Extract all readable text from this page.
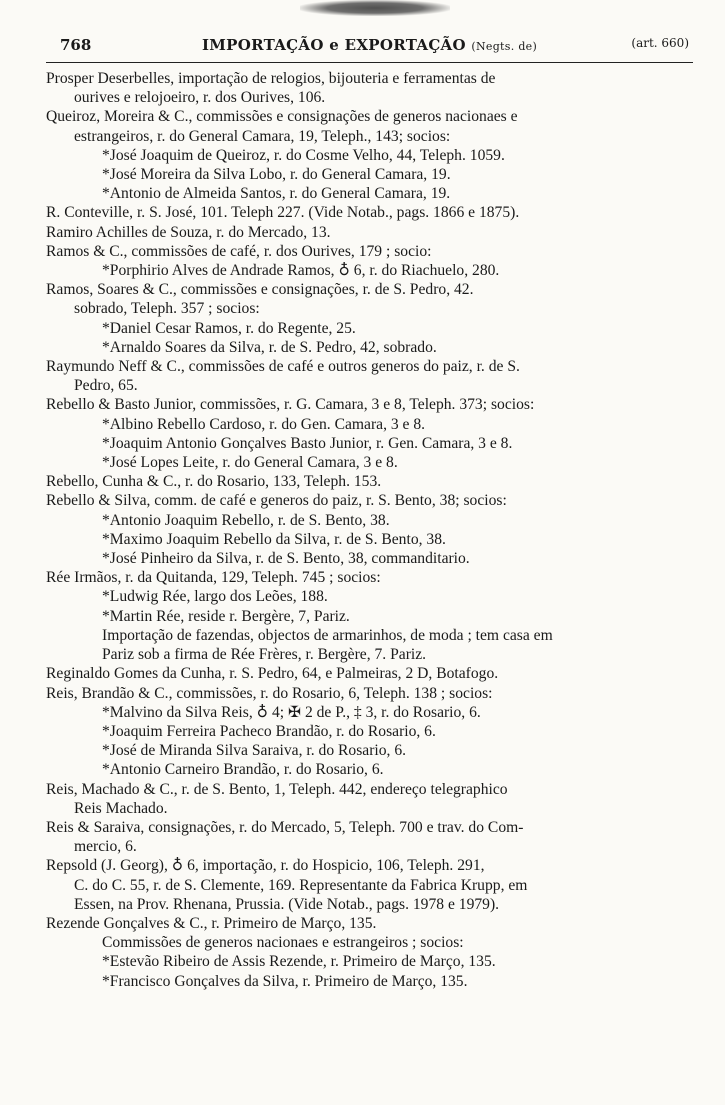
768	IMPORTAÇÃO e EXPORTAÇÃO (Negts. de)	(art. 660)
Prosper Deserbelles, importação de relogios, bijouteria e ferramentas de
ourives e relojoeiro, r. dos Ourives, 106.
Queiroz, Moreira & C., commissões e consignações de generos nacionaes e
estrangeiros, r. do General Camara, 19, Teleph., 143; socios:
*José Joaquim de Queiroz, r. do Cosme Velho, 44, Teleph. 1059.
*José Moreira da Silva Lobo, r. do General Camara, 19.
*Antonio de Almeida Santos, r. do General Camara, 19.
R. Conteville, r. S. José, 101. Teleph 227. (Vide Notab., pags. 1866 e 1875).
Ramiro Achilles de Souza, r. do Mercado, 13.
Ramos & C., commissões de café, r. dos Ourives, 179 ; socio:
*Porphirio Alves de Andrade Ramos, ♁ 6, r. do Riachuelo, 280.
Ramos, Soares & C., commissões e consignações, r. de S. Pedro, 42.
sobrado, Teleph. 357 ; socios:
*Daniel Cesar Ramos, r. do Regente, 25.
*Arnaldo Soares da Silva, r. de S. Pedro, 42, sobrado.
Raymundo Neff & C., commissões de café e outros generos do paiz, r. de S.
Pedro, 65.
Rebello & Basto Junior, commissões, r. G. Camara, 3 e 8, Teleph. 373; socios:
*Albino Rebello Cardoso, r. do Gen. Camara, 3 e 8.
*Joaquim Antonio Gonçalves Basto Junior, r. Gen. Camara, 3 e 8.
*José Lopes Leite, r. do General Camara, 3 e 8.
Rebello, Cunha & C., r. do Rosario, 133, Teleph. 153.
Rebello & Silva, comm. de café e generos do paiz, r. S. Bento, 38; socios:
*Antonio Joaquim Rebello, r. de S. Bento, 38.
*Maximo Joaquim Rebello da Silva, r. de S. Bento, 38.
*José Pinheiro da Silva, r. de S. Bento, 38, commanditario.
Rée Irmãos, r. da Quitanda, 129, Teleph. 745 ; socios:
*Ludwig Rée, largo dos Leões, 188.
*Martin Rée, reside r. Bergère, 7, Pariz.
Importação de fazendas, objectos de armarinhos, de moda ; tem casa em
Pariz sob a firma de Rée Frères, r. Bergère, 7. Pariz.
Reginaldo Gomes da Cunha, r. S. Pedro, 64, e Palmeiras, 2 D, Botafogo.
Reis, Brandão & C., commissões, r. do Rosario, 6, Teleph. 138 ; socios:
*Malvino da Silva Reis, ♁ 4; ✠ 2 de P., ‡ 3, r. do Rosario, 6.
*Joaquim Ferreira Pacheco Brandão, r. do Rosario, 6.
*José de Miranda Silva Saraiva, r. do Rosario, 6.
*Antonio Carneiro Brandão, r. do Rosario, 6.
Reis, Machado & C., r. de S. Bento, 1, Teleph. 442, endereço telegraphico
Reis Machado.
Reis & Saraiva, consignações, r. do Mercado, 5, Teleph. 700 e trav. do Com-
mercio, 6.
Repsold (J. Georg), ♁ 6, importação, r. do Hospicio, 106, Teleph. 291,
C. do C. 55, r. de S. Clemente, 169. Representante da Fabrica Krupp, em
Essen, na Prov. Rhenana, Prussia. (Vide Notab., pags. 1978 e 1979).
Rezende Gonçalves & C., r. Primeiro de Março, 135.
Commissões de generos nacionaes e estrangeiros ; socios:
*Estevão Ribeiro de Assis Rezende, r. Primeiro de Março, 135.
*Francisco Gonçalves da Silva, r. Primeiro de Março, 135.
